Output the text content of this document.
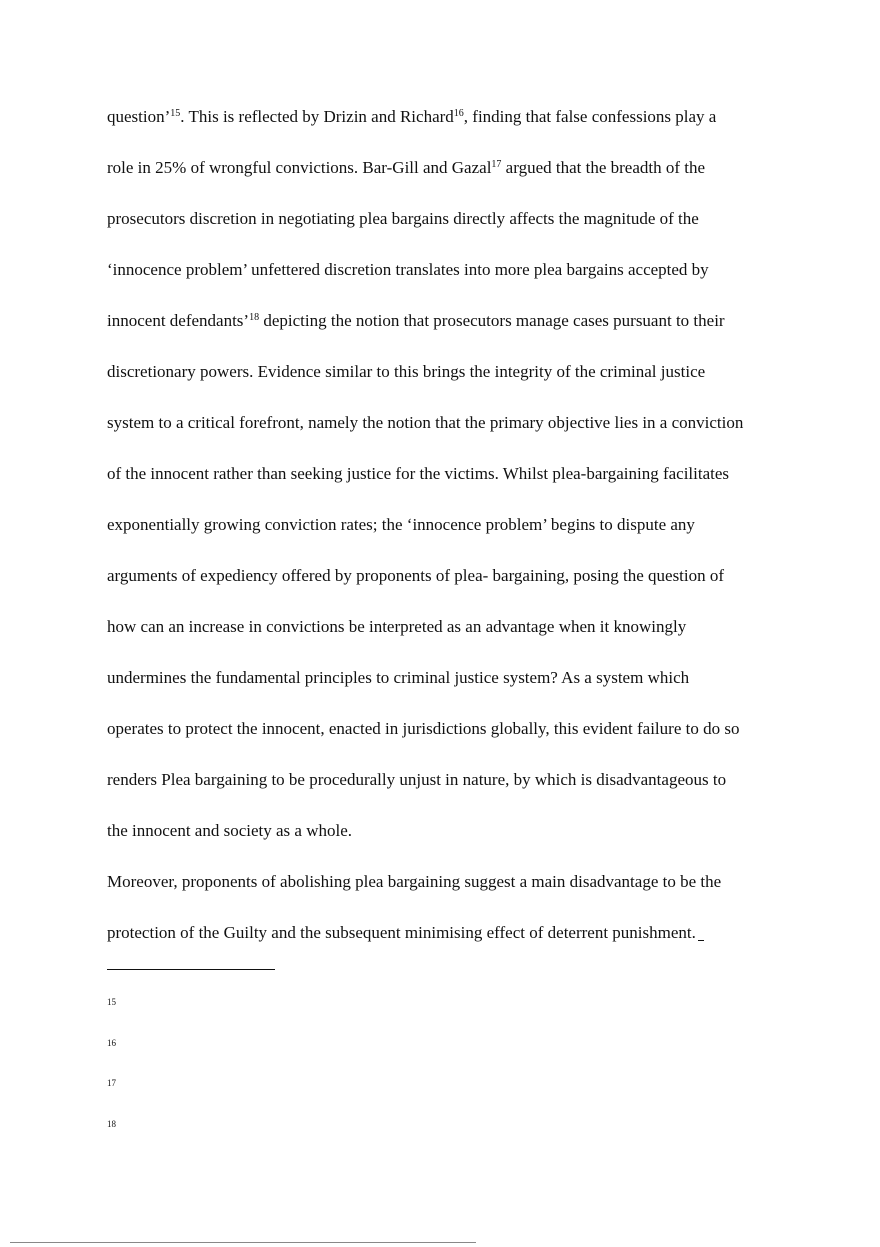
question’$^{15}$. This is reflected by Drizin and Richard$^{16}$, finding that false confessions play a
role in 25% of wrongful convictions. Bar-Gill and Gazal$^{17}$ argued that the breadth of the
prosecutors discretion in negotiating plea bargains directly affects the magnitude of the
‘innocence problem’ unfettered discretion translates into more plea bargains accepted by
innocent defendants’$^{18}$ depicting the notion that prosecutors manage cases pursuant to their
discretionary powers. Evidence similar to this brings the integrity of the criminal justice
system to a critical forefront, namely the notion that the primary objective lies in a conviction
of the innocent rather than seeking justice for the victims. Whilst plea-bargaining facilitates
exponentially growing conviction rates; the ‘innocence problem’ begins to dispute any
arguments of expediency offered by proponents of plea- bargaining, posing the question of
how can an increase in convictions be interpreted as an advantage when it knowingly
undermines the fundamental principles to criminal justice system? As a system which
operates to protect the innocent, enacted in jurisdictions globally, this evident failure to do so
renders Plea bargaining to be procedurally unjust in nature, by which is disadvantageous to
the innocent and society as a whole.
Moreover, proponents of abolishing plea bargaining suggest a main disadvantage to be the
protection of the Guilty and the subsequent minimising effect of deterrent punishment.
15
16
17
18
